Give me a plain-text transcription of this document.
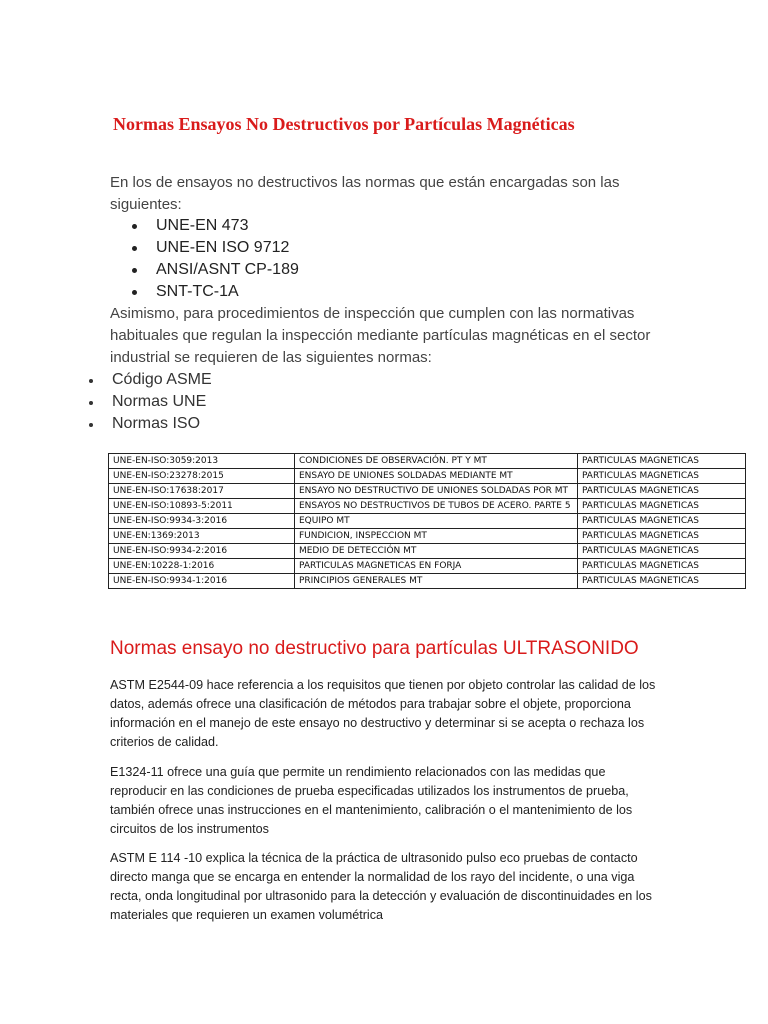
Normas Ensayos No Destructivos por Partículas Magnéticas
En los de ensayos no destructivos las normas que están encargadas son las siguientes:
UNE-EN 473
UNE-EN ISO 9712
ANSI/ASNT CP-189
SNT-TC-1A
Asimismo, para procedimientos de inspección que cumplen con las normativas habituales que regulan la inspección mediante partículas magnéticas en el sector industrial se requieren de las siguientes normas:
Código ASME
Normas UNE
Normas ISO
UNE-EN-ISO:3059:2013	CONDICIONES DE OBSERVACIÓN. PT Y MT	PARTICULAS MAGNETICAS
UNE-EN-ISO:23278:2015	ENSAYO DE UNIONES SOLDADAS MEDIANTE MT	PARTICULAS MAGNETICAS
UNE-EN-ISO:17638:2017	ENSAYO NO DESTRUCTIVO DE UNIONES SOLDADAS POR MT	PARTICULAS MAGNETICAS
UNE-EN-ISO:10893-5:2011	ENSAYOS NO DESTRUCTIVOS DE TUBOS DE ACERO. PARTE 5	PARTICULAS MAGNETICAS
UNE-EN-ISO:9934-3:2016	EQUIPO MT	PARTICULAS MAGNETICAS
UNE-EN:1369:2013	FUNDICION, INSPECCION MT	PARTICULAS MAGNETICAS
UNE-EN-ISO:9934-2:2016	MEDIO DE DETECCIÓN MT	PARTICULAS MAGNETICAS
UNE-EN:10228-1:2016	PARTICULAS MAGNETICAS EN FORJA	PARTICULAS MAGNETICAS
UNE-EN-ISO:9934-1:2016	PRINCIPIOS GENERALES MT	PARTICULAS MAGNETICAS
Normas ensayo no destructivo para partículas ULTRASONIDO
ASTM E2544-09 hace referencia a los requisitos que tienen por objeto controlar las calidad de los datos, además ofrece una clasificación de métodos para trabajar sobre el objete, proporciona información en el manejo de este ensayo no destructivo y determinar si se acepta o rechaza los criterios de calidad.
E1324-11 ofrece una guía que permite un rendimiento relacionados con las medidas que reproducir en las condiciones de prueba especificadas utilizados los instrumentos de prueba, también ofrece unas instrucciones en el mantenimiento, calibración o el mantenimiento de los circuitos de los instrumentos
ASTM E 114 -10 explica la técnica de la práctica de ultrasonido pulso eco pruebas de contacto directo manga que se encarga en entender la normalidad de los rayo del incidente, o una viga recta, onda longitudinal por ultrasonido para la detección y evaluación de discontinuidades en los materiales que requieren un examen volumétrica
